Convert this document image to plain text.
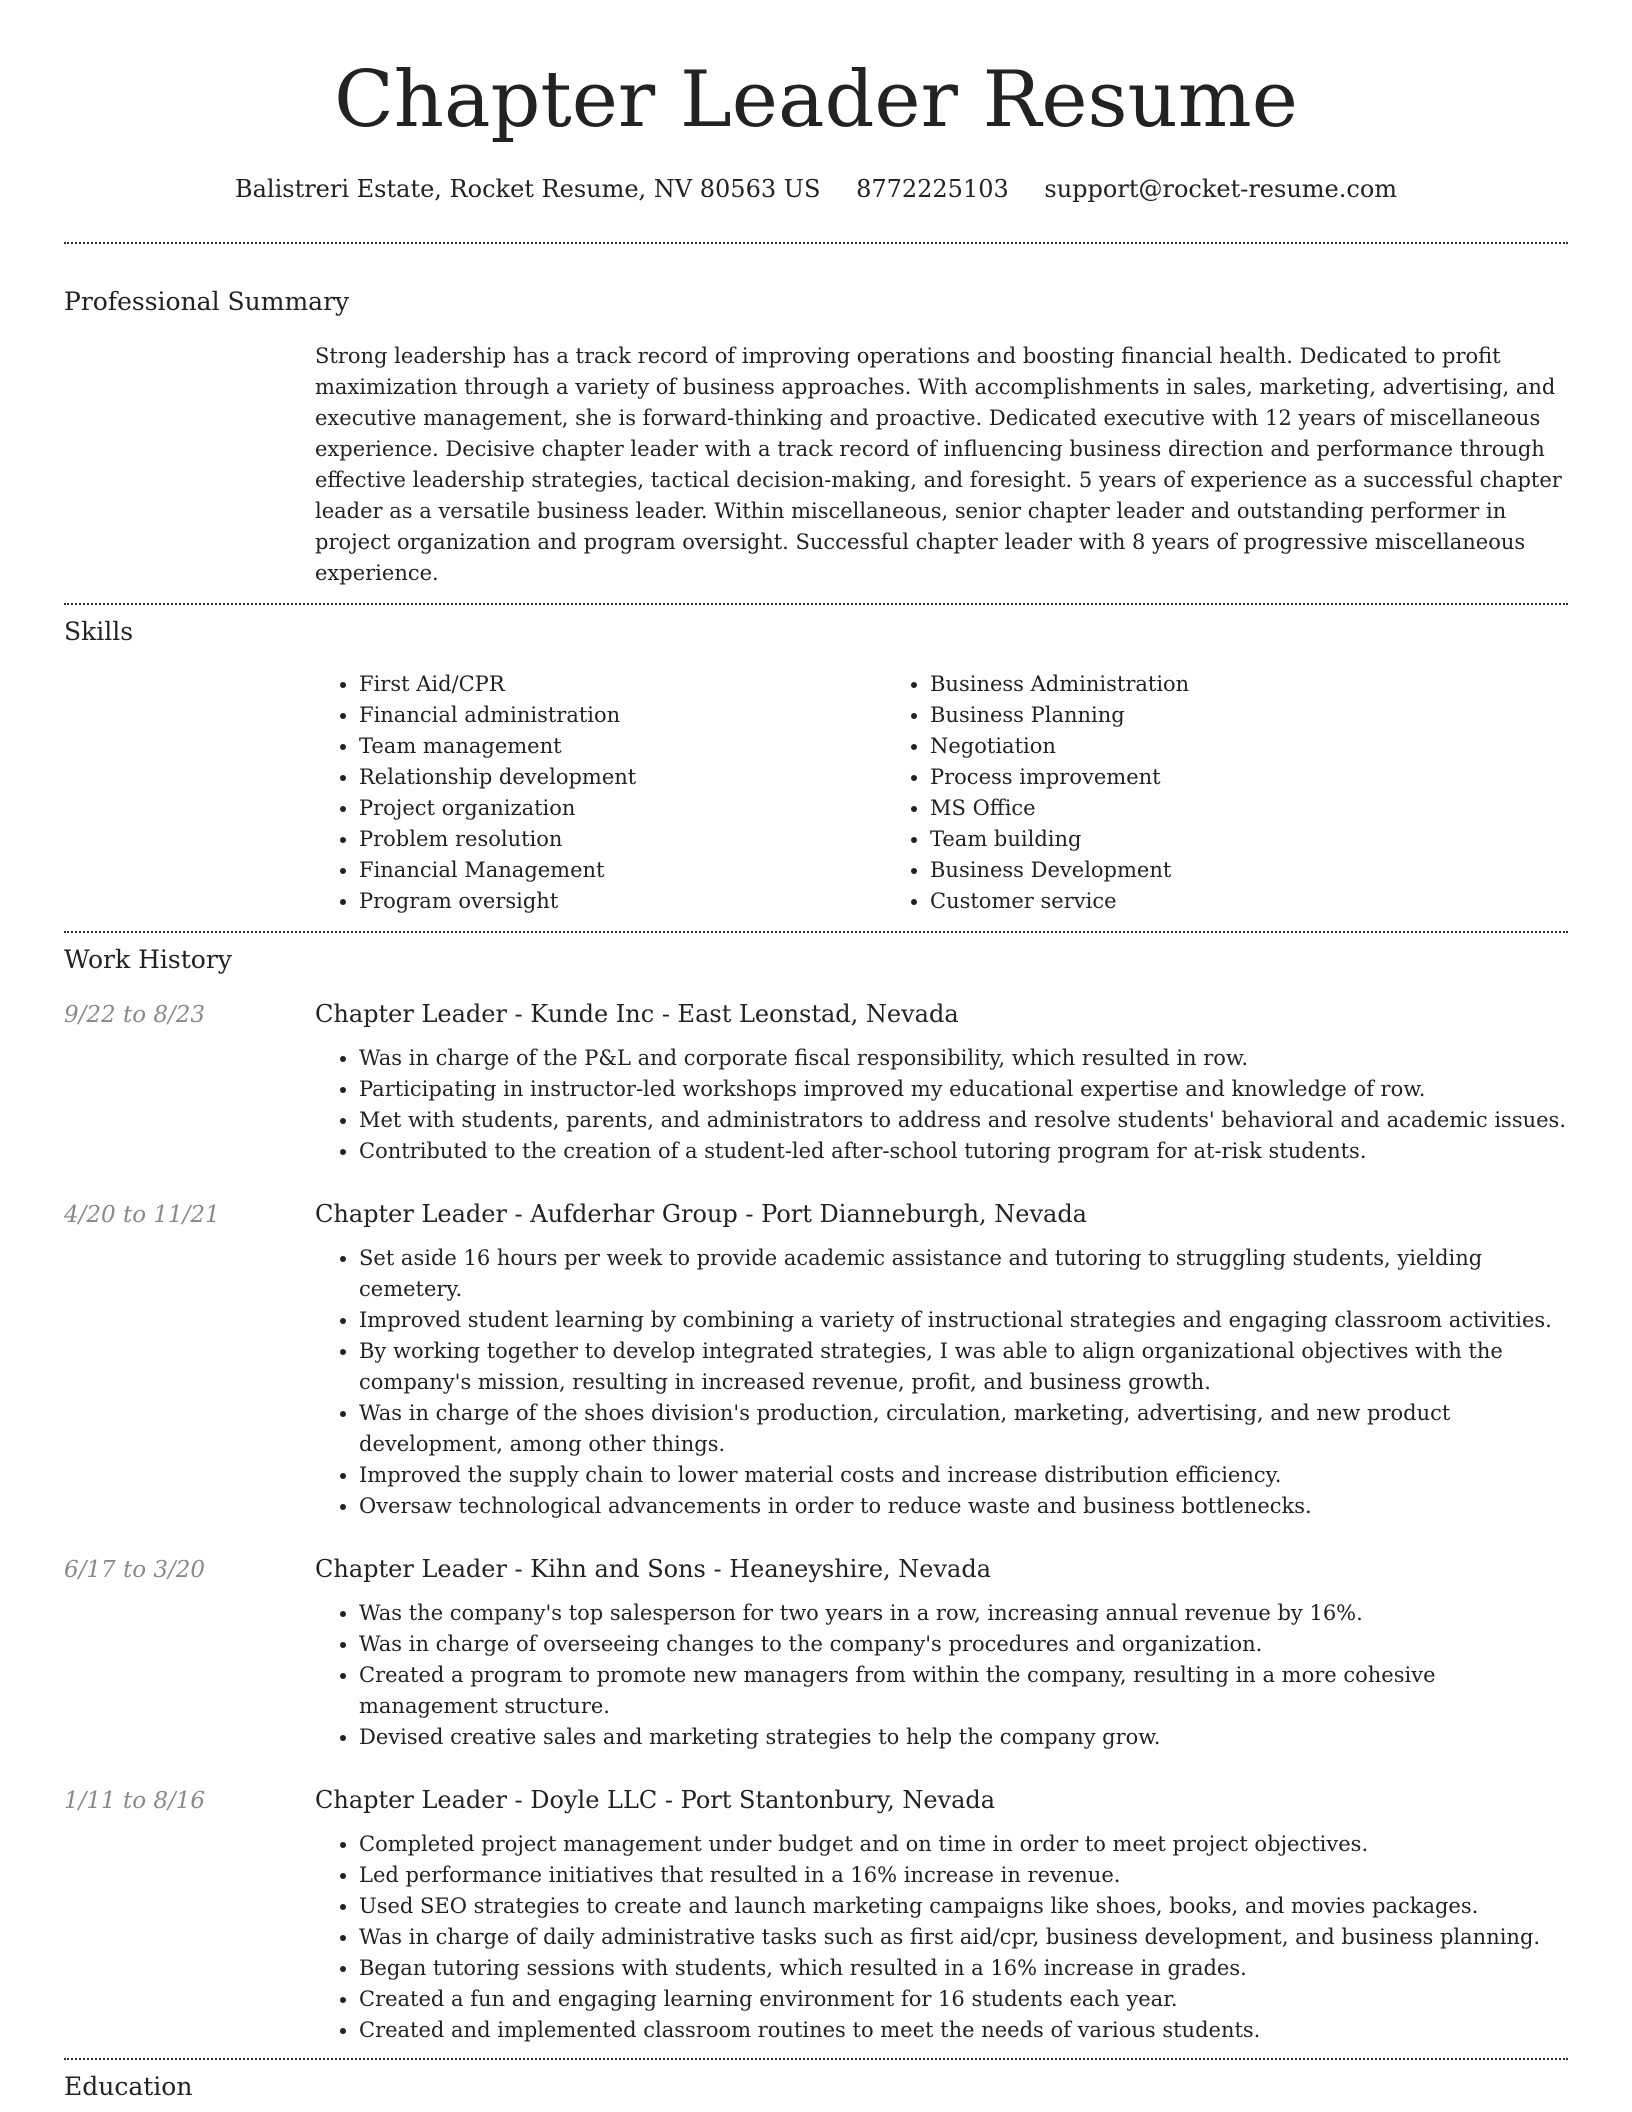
Chapter Leader Resume
Balistreri Estate, Rocket Resume, NV 80563 US 8772225103 support@rocket-resume.com
Professional Summary
Strong leadership has a track record of improving operations and boosting financial health. Dedicated to profit maximization through a variety of business approaches. With accomplishments in sales, marketing, advertising, and executive management, she is forward-thinking and proactive. Dedicated executive with 12 years of miscellaneous experience. Decisive chapter leader with a track record of influencing business direction and performance through effective leadership strategies, tactical decision-making, and foresight. 5 years of experience as a successful chapter leader as a versatile business leader. Within miscellaneous, senior chapter leader and outstanding performer in project organization and program oversight. Successful chapter leader with 8 years of progressive miscellaneous experience.
Skills
• First Aid/CPR
• Financial administration
• Team management
• Relationship development
• Project organization
• Problem resolution
• Financial Management
• Program oversight
• Business Administration
• Business Planning
• Negotiation
• Process improvement
• MS Office
• Team building
• Business Development
• Customer service
Work History
9/22 to 8/23	Chapter Leader - Kunde Inc - East Leonstad, Nevada
• Was in charge of the P&L and corporate fiscal responsibility, which resulted in row.
• Participating in instructor-led workshops improved my educational expertise and knowledge of row.
• Met with students, parents, and administrators to address and resolve students' behavioral and academic issues.
• Contributed to the creation of a student-led after-school tutoring program for at-risk students.
4/20 to 11/21	Chapter Leader - Aufderhar Group - Port Dianneburgh, Nevada
• Set aside 16 hours per week to provide academic assistance and tutoring to struggling students, yielding cemetery.
• Improved student learning by combining a variety of instructional strategies and engaging classroom activities.
• By working together to develop integrated strategies, I was able to align organizational objectives with the company's mission, resulting in increased revenue, profit, and business growth.
• Was in charge of the shoes division's production, circulation, marketing, advertising, and new product development, among other things.
• Improved the supply chain to lower material costs and increase distribution efficiency.
• Oversaw technological advancements in order to reduce waste and business bottlenecks.
6/17 to 3/20	Chapter Leader - Kihn and Sons - Heaneyshire, Nevada
• Was the company's top salesperson for two years in a row, increasing annual revenue by 16%.
• Was in charge of overseeing changes to the company's procedures and organization.
• Created a program to promote new managers from within the company, resulting in a more cohesive management structure.
• Devised creative sales and marketing strategies to help the company grow.
1/11 to 8/16	Chapter Leader - Doyle LLC - Port Stantonbury, Nevada
• Completed project management under budget and on time in order to meet project objectives.
• Led performance initiatives that resulted in a 16% increase in revenue.
• Used SEO strategies to create and launch marketing campaigns like shoes, books, and movies packages.
• Was in charge of daily administrative tasks such as first aid/cpr, business development, and business planning.
• Began tutoring sessions with students, which resulted in a 16% increase in grades.
• Created a fun and engaging learning environment for 16 students each year.
• Created and implemented classroom routines to meet the needs of various students.
Education
